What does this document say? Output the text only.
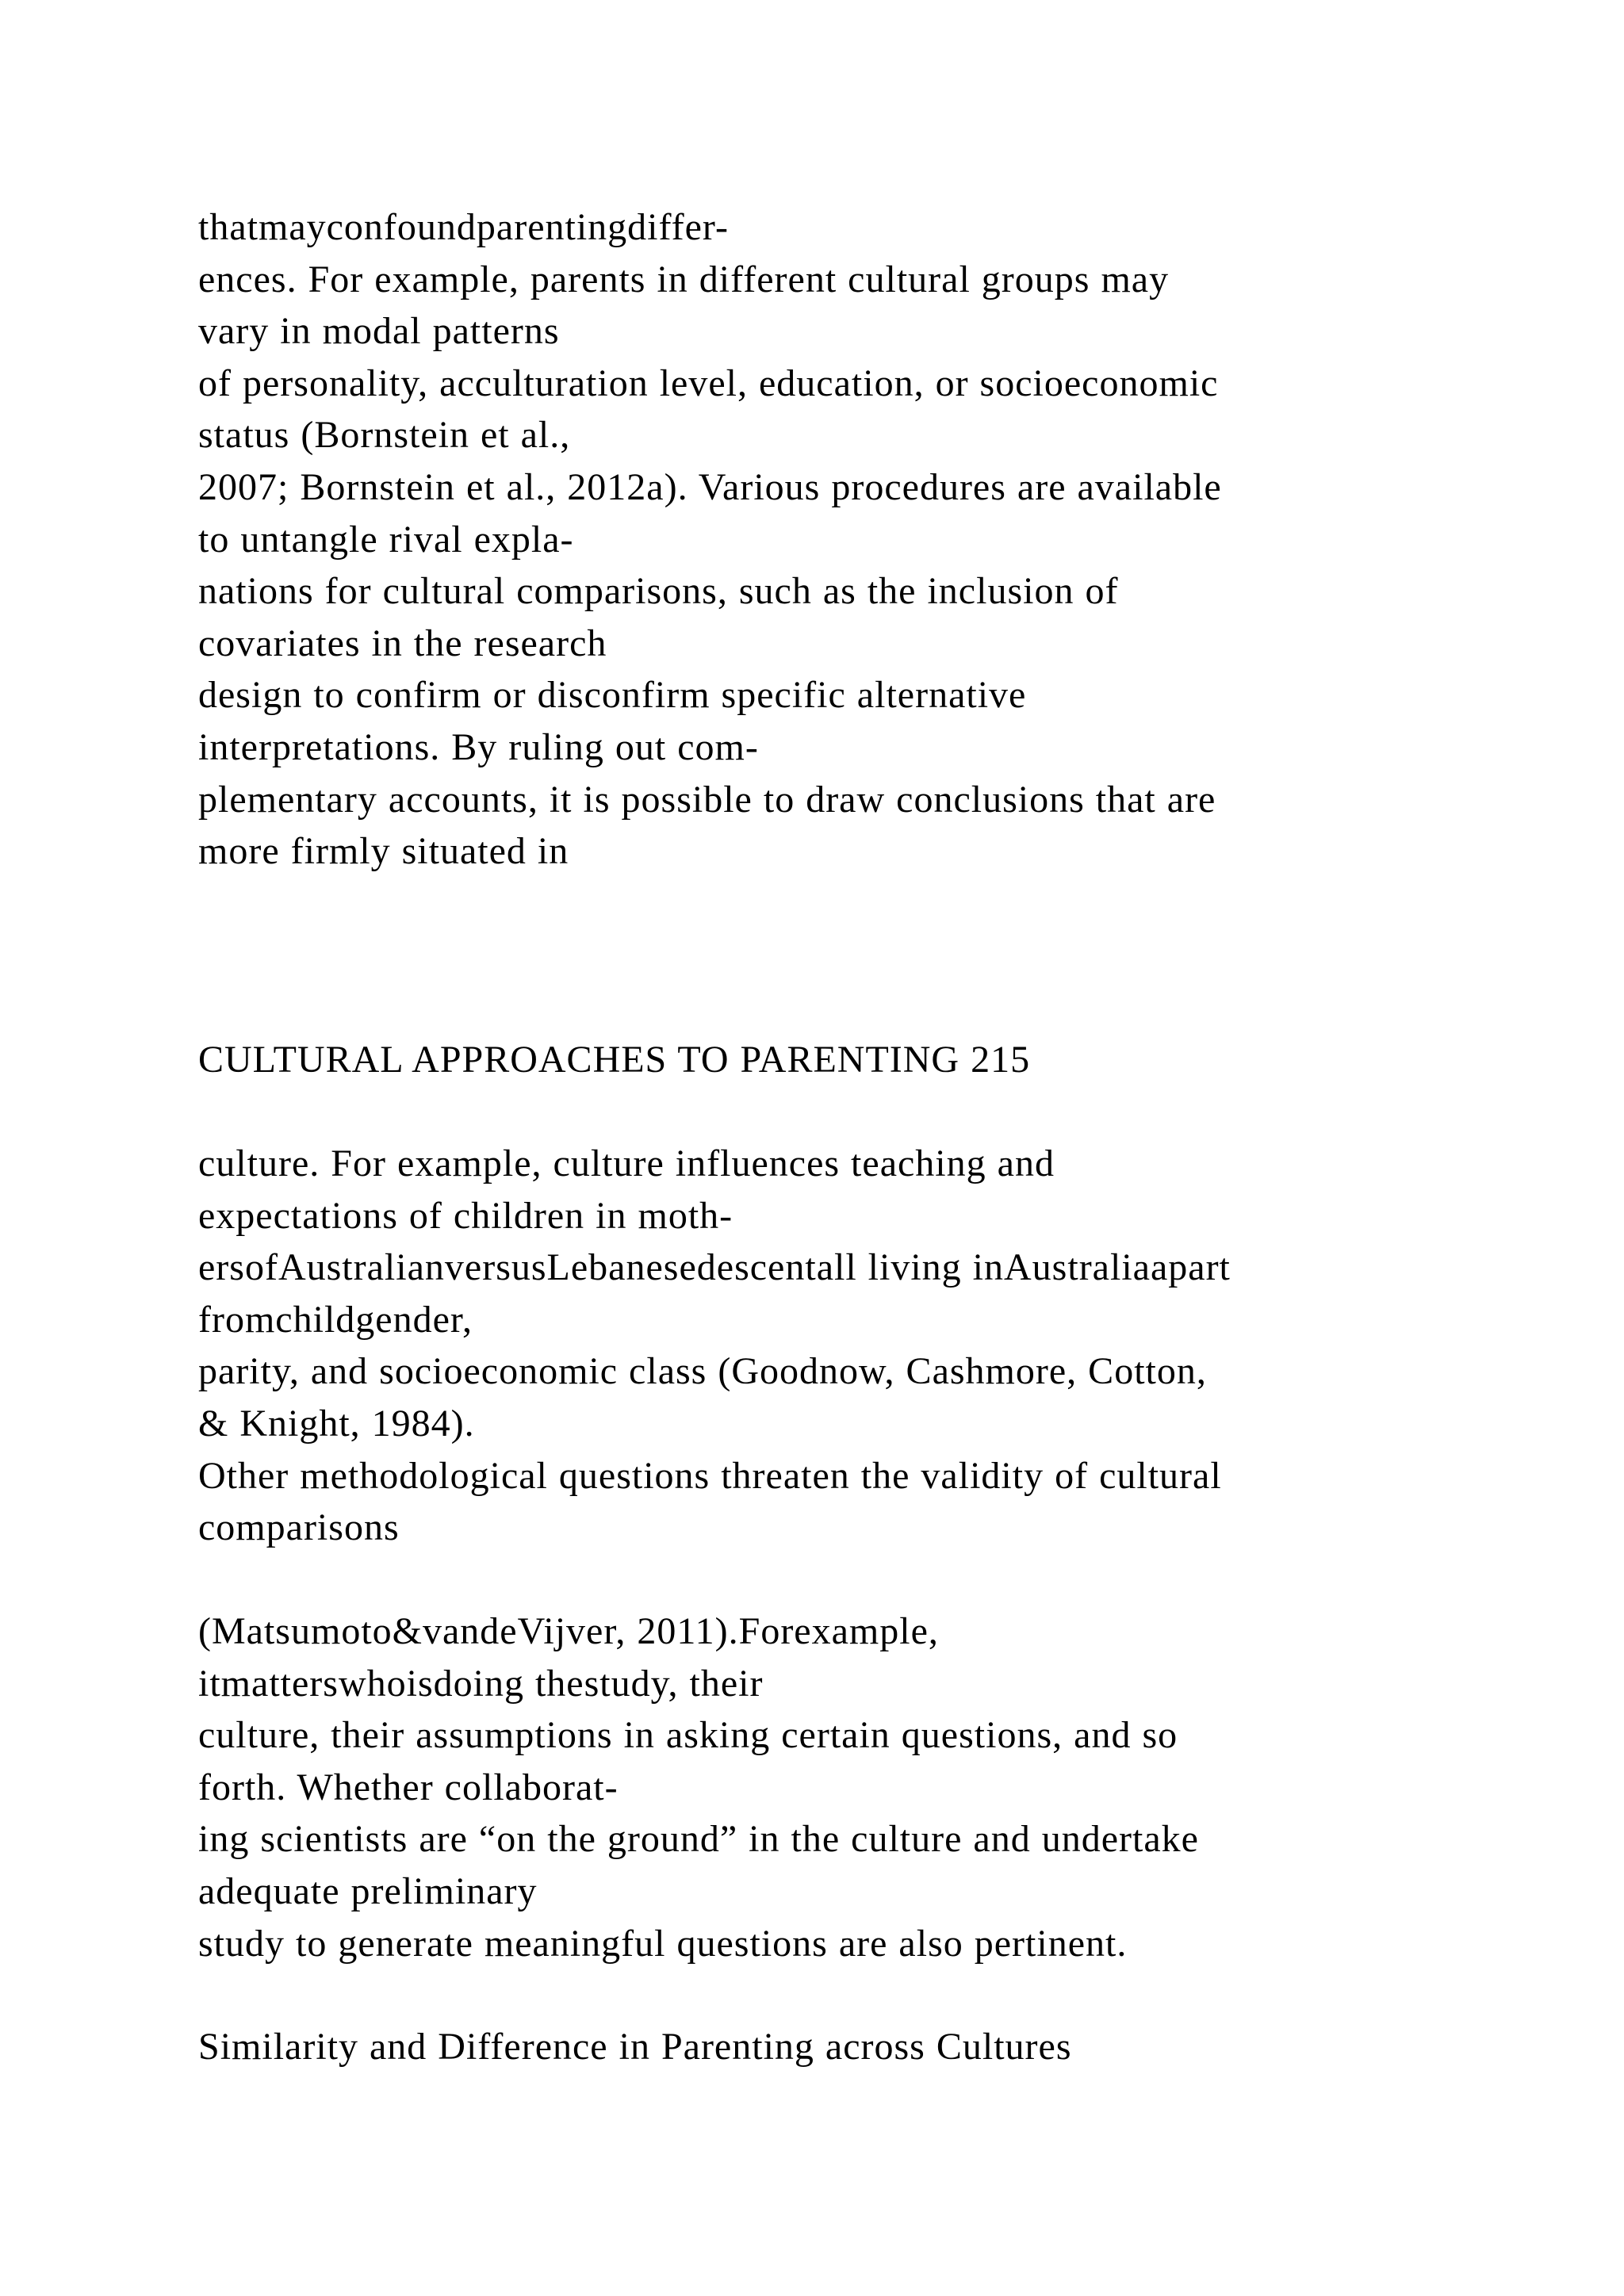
thatmayconfoundparentingdiffer-
ences. For example, parents in different cultural groups may
vary in modal patterns
of personality, acculturation level, education, or socioeconomic
status (Bornstein et al.,
2007; Bornstein et al., 2012a). Various procedures are available
to untangle rival expla-
nations for cultural comparisons, such as the inclusion of
covariates in the research
design to confirm or disconfirm specific alternative
interpretations. By ruling out com-
plementary accounts, it is possible to draw conclusions that are
more firmly situated in
CULTURAL APPROACHES TO PARENTING 215
culture. For example, culture influences teaching and
expectations of children in moth-
ersofAustralianversusLebanesedescentall living inAustraliaapart
fromchildgender,
parity, and socioeconomic class (Goodnow, Cashmore, Cotton,
& Knight, 1984).
Other methodological questions threaten the validity of cultural
comparisons
(Matsumoto&vandeVijver, 2011).Forexample,
itmatterswhoisdoing thestudy, their
culture, their assumptions in asking certain questions, and so
forth. Whether collaborat-
ing scientists are “on the ground” in the culture and undertake
adequate preliminary
study to generate meaningful questions are also pertinent.
Similarity and Difference in Parenting across Cultures
